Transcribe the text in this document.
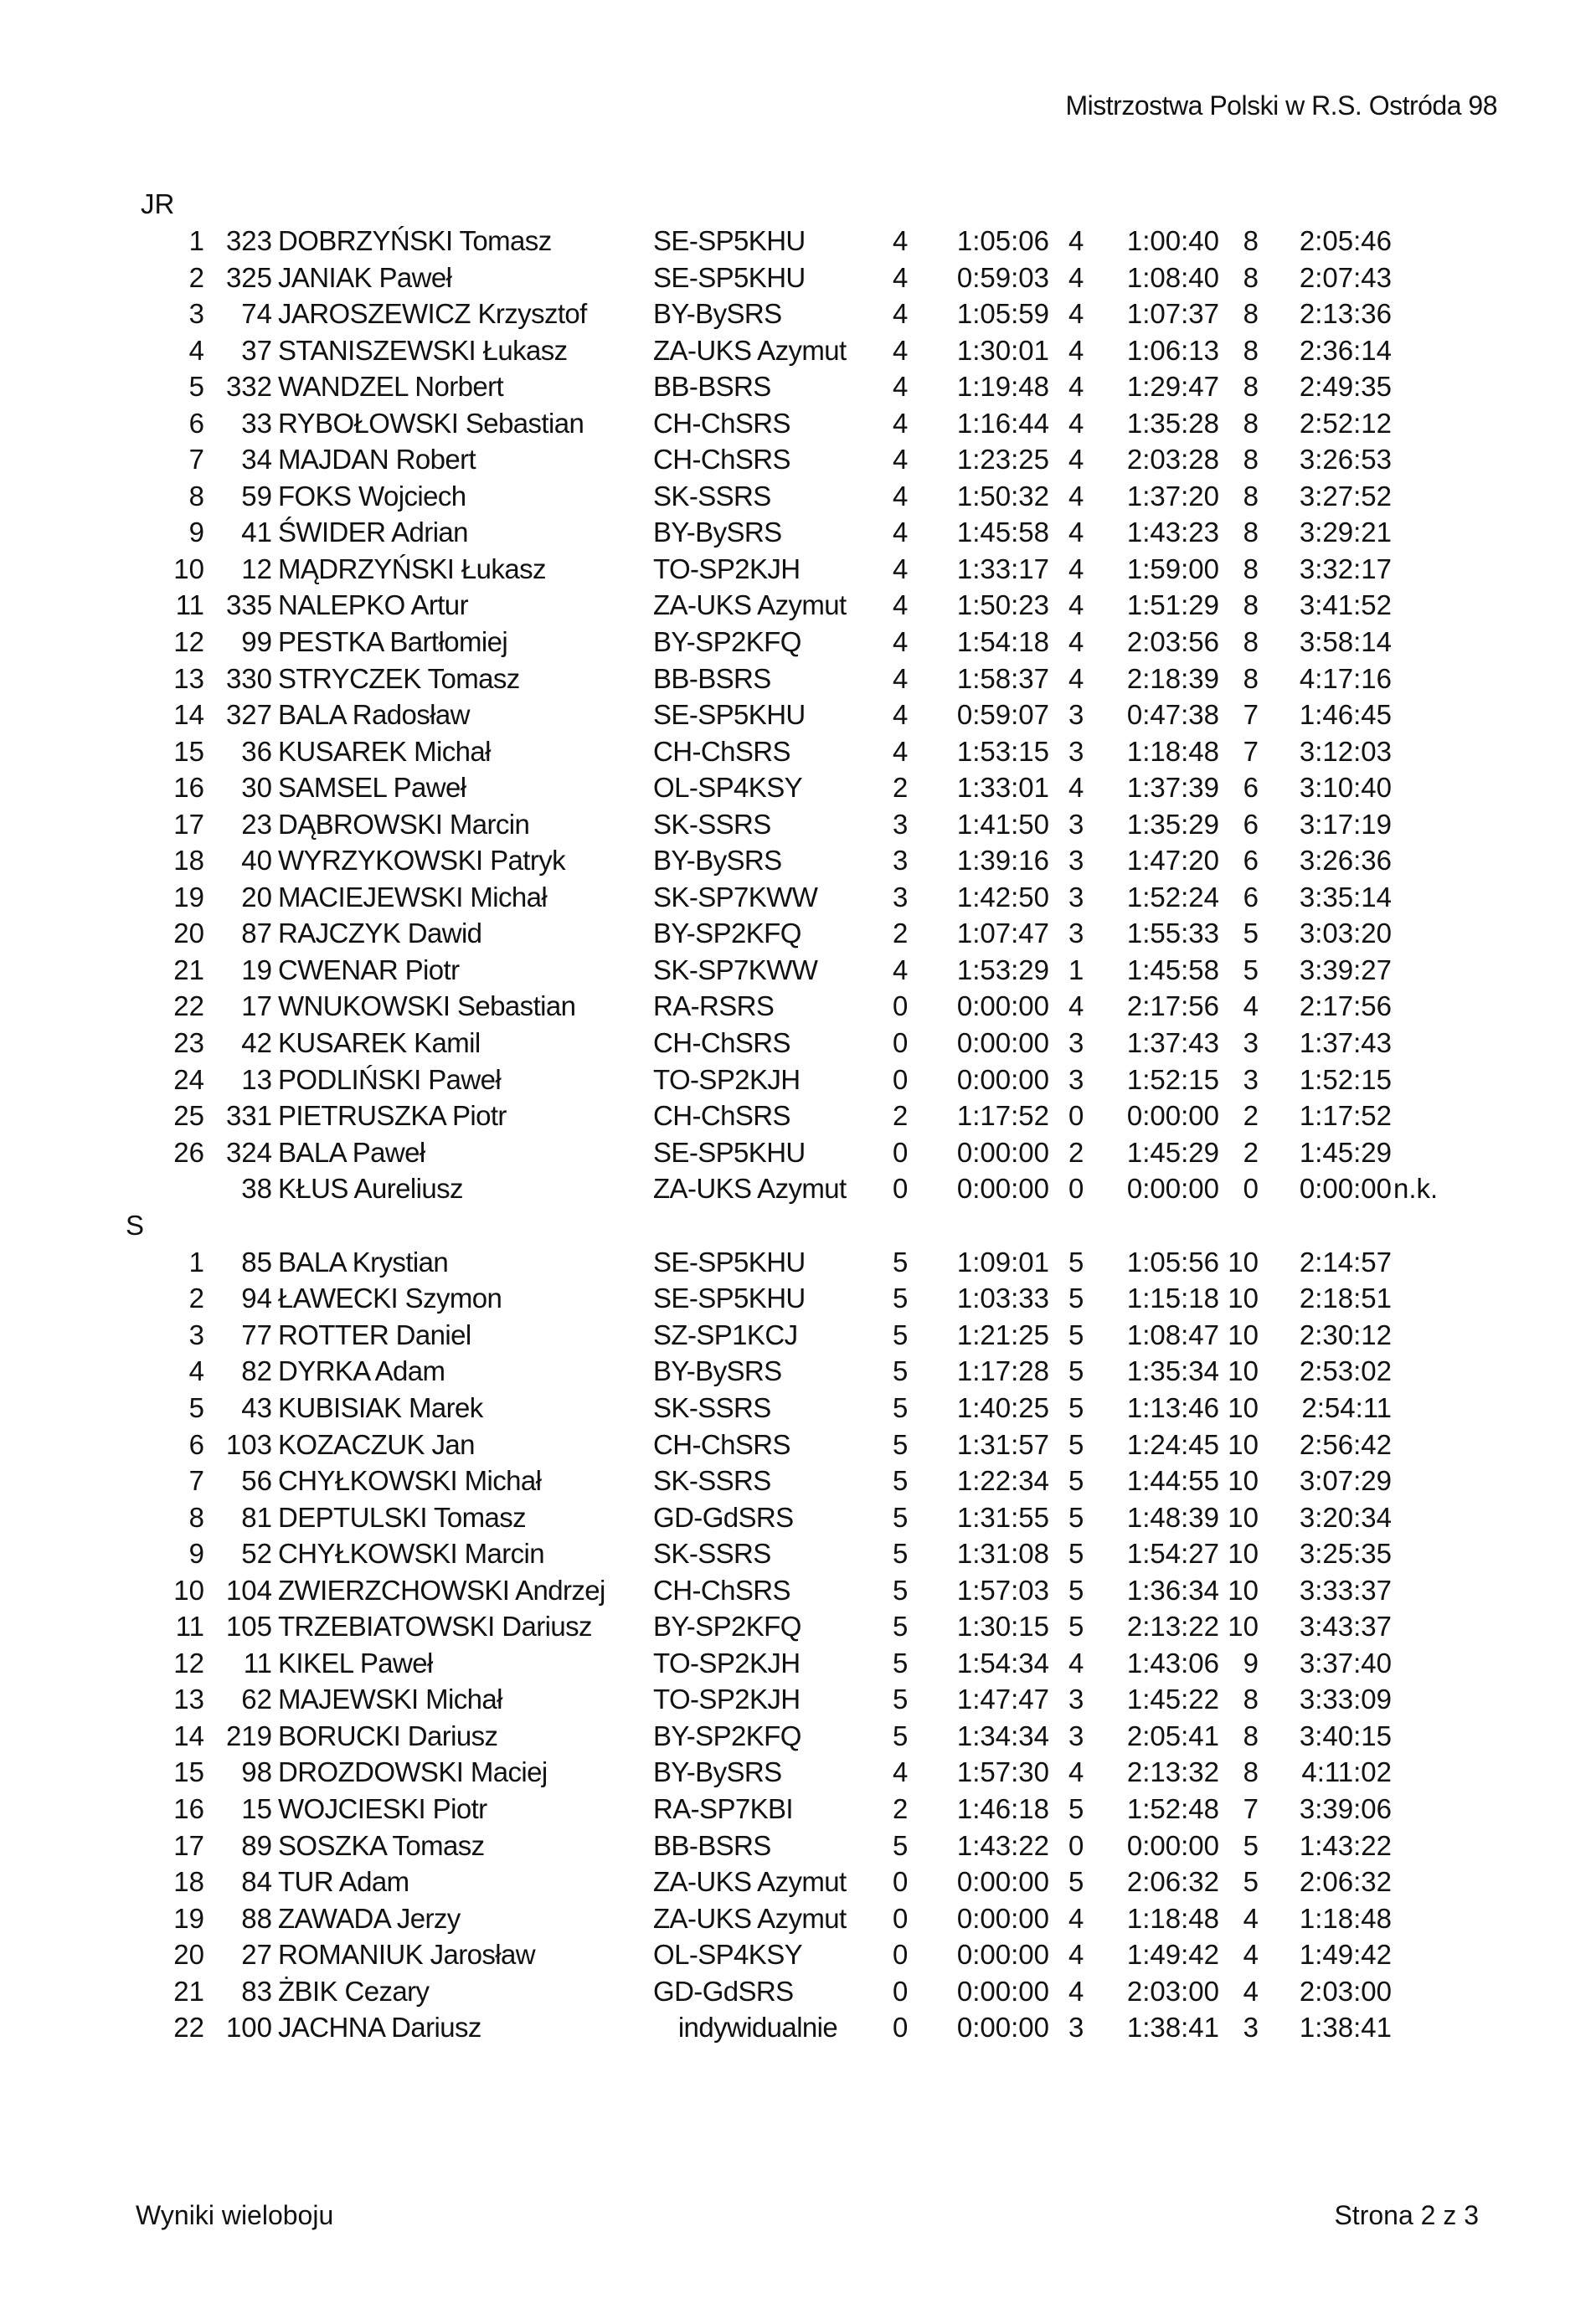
Mistrzostwa Polski w R.S. Ostróda 98
JR
1 323 DOBRZYŃSKI Tomasz	SE-SP5KHU	4 1:05:06 4 1:00:40 8 2:05:46
2 325 JANIAK Paweł	SE-SP5KHU	4 0:59:03 4 1:08:40 8 2:07:43
3 74 JAROSZEWICZ Krzysztof BY-BySRS	4 1:05:59 4 1:07:37 8 2:13:36
4 37 STANISZEWSKI Łukasz	ZA-UKS Azymut 4 1:30:01 4 1:06:13 8 2:36:14
5 332 WANDZEL Norbert	BB-BSRS	4 1:19:48 4 1:29:47 8 2:49:35
6 33 RYBOŁOWSKI Sebastian	CH-ChSRS	4 1:16:44 4 1:35:28 8 2:52:12
7 34 MAJDAN Robert	CH-ChSRS	4 1:23:25 4 2:03:28 8 3:26:53
8 59 FOKS Wojciech	SK-SSRS	4 1:50:32 4 1:37:20 8 3:27:52
9 41 ŚWIDER Adrian	BY-BySRS	4 1:45:58 4 1:43:23 8 3:29:21
10 12 MĄDRZYŃSKI Łukasz	TO-SP2KJH	4 1:33:17 4 1:59:00 8 3:32:17
11 335 NALEPKO Artur	ZA-UKS Azymut 4 1:50:23 4 1:51:29 8 3:41:52
12 99 PESTKA Bartłomiej	BY-SP2KFQ	4 1:54:18 4 2:03:56 8 3:58:14
13 330 STRYCZEK Tomasz	BB-BSRS	4 1:58:37 4 2:18:39 8 4:17:16
14 327 BALA Radosław	SE-SP5KHU	4 0:59:07 3 0:47:38 7 1:46:45
15 36 KUSAREK Michał	CH-ChSRS	4 1:53:15 3 1:18:48 7 3:12:03
16 30 SAMSEL Paweł	OL-SP4KSY	2 1:33:01 4 1:37:39 6 3:10:40
17 23 DĄBROWSKI Marcin	SK-SSRS	3 1:41:50 3 1:35:29 6 3:17:19
18 40 WYRZYKOWSKI Patryk	BY-BySRS	3 1:39:16 3 1:47:20 6 3:26:36
19 20 MACIEJEWSKI Michał	SK-SP7KWW	3 1:42:50 3 1:52:24 6 3:35:14
20 87 RAJCZYK Dawid	BY-SP2KFQ	2 1:07:47 3 1:55:33 5 3:03:20
21 19 CWENAR Piotr	SK-SP7KWW	4 1:53:29 1 1:45:58 5 3:39:27
22 17 WNUKOWSKI Sebastian	RA-RSRS	0 0:00:00 4 2:17:56 4 2:17:56
23 42 KUSAREK Kamil	CH-ChSRS	0 0:00:00 3 1:37:43 3 1:37:43
24 13 PODLIŃSKI Paweł	TO-SP2KJH	0 0:00:00 3 1:52:15 3 1:52:15
25 331 PIETRUSZKA Piotr	CH-ChSRS	2 1:17:52 0 0:00:00 2 1:17:52
26 324 BALA Paweł	SE-SP5KHU	0 0:00:00 2 1:45:29 2 1:45:29
38 KŁUS Aureliusz	ZA-UKS Azymut 0 0:00:00 0 0:00:00 0 0:00:00 n.k.
S
1 85 BALA Krystian	SE-SP5KHU	5 1:09:01 5 1:05:56 10 2:14:57
2 94 ŁAWECKI Szymon	SE-SP5KHU	5 1:03:33 5 1:15:18 10 2:18:51
3 77 ROTTER Daniel	SZ-SP1KCJ	5 1:21:25 5 1:08:47 10 2:30:12
4 82 DYRKA Adam	BY-BySRS	5 1:17:28 5 1:35:34 10 2:53:02
5 43 KUBISIAK Marek	SK-SSRS	5 1:40:25 5 1:13:46 10 2:54:11
6 103 KOZACZUK Jan	CH-ChSRS	5 1:31:57 5 1:24:45 10 2:56:42
7 56 CHYŁKOWSKI Michał	SK-SSRS	5 1:22:34 5 1:44:55 10 3:07:29
8 81 DEPTULSKI Tomasz	GD-GdSRS	5 1:31:55 5 1:48:39 10 3:20:34
9 52 CHYŁKOWSKI Marcin	SK-SSRS	5 1:31:08 5 1:54:27 10 3:25:35
10 104 ZWIERZCHOWSKI Andrzej CH-ChSRS	5 1:57:03 5 1:36:34 10 3:33:37
11 105 TRZEBIATOWSKI Dariusz BY-SP2KFQ	5 1:30:15 5 2:13:22 10 3:43:37
12 11 KIKEL Paweł	TO-SP2KJH	5 1:54:34 4 1:43:06 9 3:37:40
13 62 MAJEWSKI Michał	TO-SP2KJH	5 1:47:47 3 1:45:22 8 3:33:09
14 219 BORUCKI Dariusz	BY-SP2KFQ	5 1:34:34 3 2:05:41 8 3:40:15
15 98 DROZDOWSKI Maciej	BY-BySRS	4 1:57:30 4 2:13:32 8 4:11:02
16 15 WOJCIESKI Piotr	RA-SP7KBI	2 1:46:18 5 1:52:48 7 3:39:06
17 89 SOSZKA Tomasz	BB-BSRS	5 1:43:22 0 0:00:00 5 1:43:22
18 84 TUR Adam	ZA-UKS Azymut 0 0:00:00 5 2:06:32 5 2:06:32
19 88 ZAWADA Jerzy	ZA-UKS Azymut 0 0:00:00 4 1:18:48 4 1:18:48
20 27 ROMANIUK Jarosław	OL-SP4KSY	0 0:00:00 4 1:49:42 4 1:49:42
21 83 ŻBIK Cezary	GD-GdSRS	0 0:00:00 4 2:03:00 4 2:03:00
22 100 JACHNA Dariusz	indywidualnie	0 0:00:00 3 1:38:41 3 1:38:41
Wyniki wieloboju	Strona 2 z 3
